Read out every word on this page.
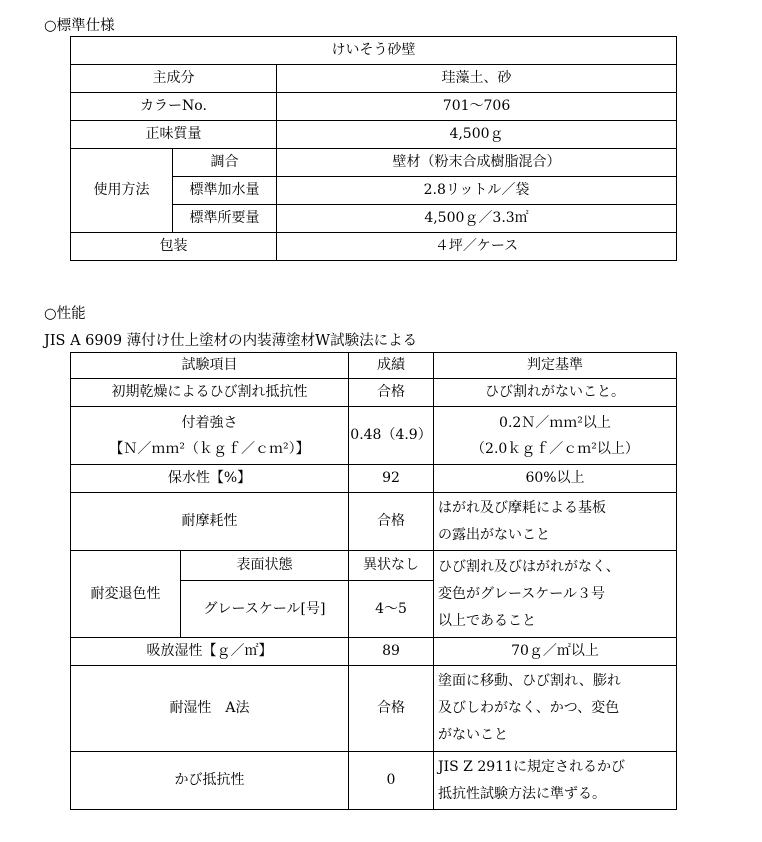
○標準仕様
けいそう砂壁		
主成分		珪藻土、砂
カラーNo.		701～706
正味質量		4,500ｇ
使用方法	調合	壁材（粉末合成樹脂混合）
	標準加水量	2.8リットル／袋
	標準所要量	4,500ｇ／3.3㎡
包装		４坪／ケース
○性能
JIS A 6909 薄付け仕上塗材の内装薄塗材W試験法による
試験項目		成績	判定基準
初期乾燥によるひび割れ抵抗性		合格	ひび割れがないこと。

付着強さ
【Ｎ／ｍｍ²（ｋｇｆ／ｃｍ²）】		0.48（4.9）	0.2Ｎ／ｍｍ²以上
（2.0ｋｇｆ／ｃｍ²以上）

保水性【%】		92	60%以上
耐摩耗性		合格	はがれ及び摩耗による基板
の露出がないこと

耐変退色性	表面状態	異状なし	ひび割れ及びはがれがなく、
変色がグレースケール３号
以上であること

	グレースケール[号]	4～5	
吸放湿性【ｇ／㎡】		89	70ｇ／㎡以上
耐湿性　A法		合格	塗面に移動、ひび割れ、膨れ
及びしわがなく、かつ、変色
がないこと

かび抵抗性		0	JIS Z 2911に規定されるかび
抵抗性試験方法に準ずる。
